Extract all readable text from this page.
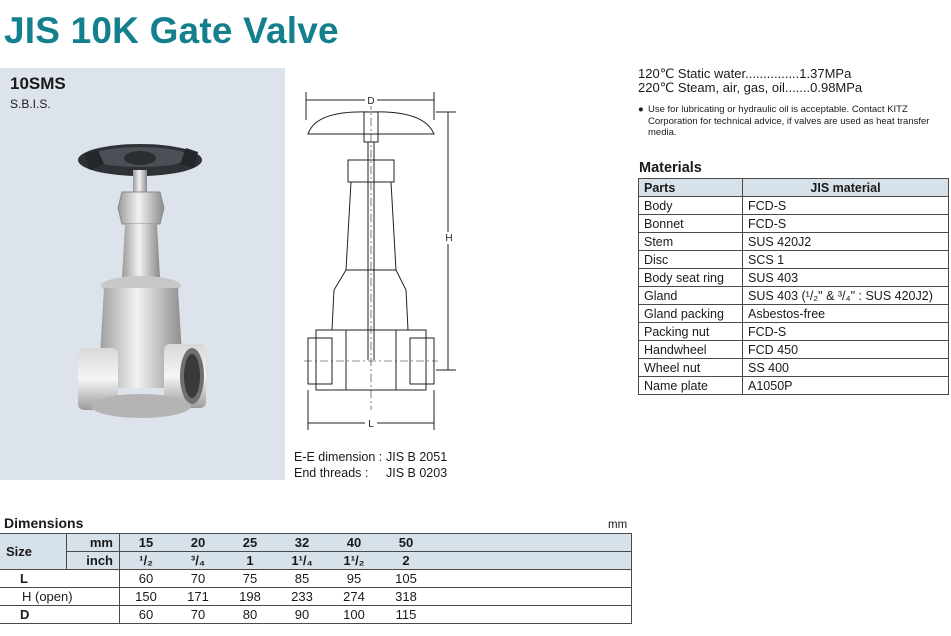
JIS 10K Gate Valve
10SMS
S.B.I.S.	D
H
L
E-E dimension : JIS B 2051
End threads : JIS B 0203
120℃ Static water...............1.37MPa
220℃ Steam, air, gas, oil.......0.98MPa
● Use for lubricating or hydraulic oil is acceptable. Contact KITZ Corporation for technical advice, if valves are used as heat transfer media.
Materials
Parts	JIS material
Body	FCD-S
Bonnet	FCD-S
Stem	SUS 420J2
Disc	SCS 1
Body seat ring	SUS 403
Gland	SUS 403 (¹/₂" & ³/₄" : SUS 420J2)
Gland packing	Asbestos-free
Packing nut	FCD-S
Handwheel	FCD 450
Wheel nut	SS 400
Name plate	A1050P
Dimensions	mm
Size	mm	15	20	25	32	40	50	
	inch	¹/₂	³/₄	1	1¹/₄	1¹/₂	2	
L		60	70	75	85	95	105	
H (open)		150	171	198	233	274	318	
D		60	70	80	90	100	115	
